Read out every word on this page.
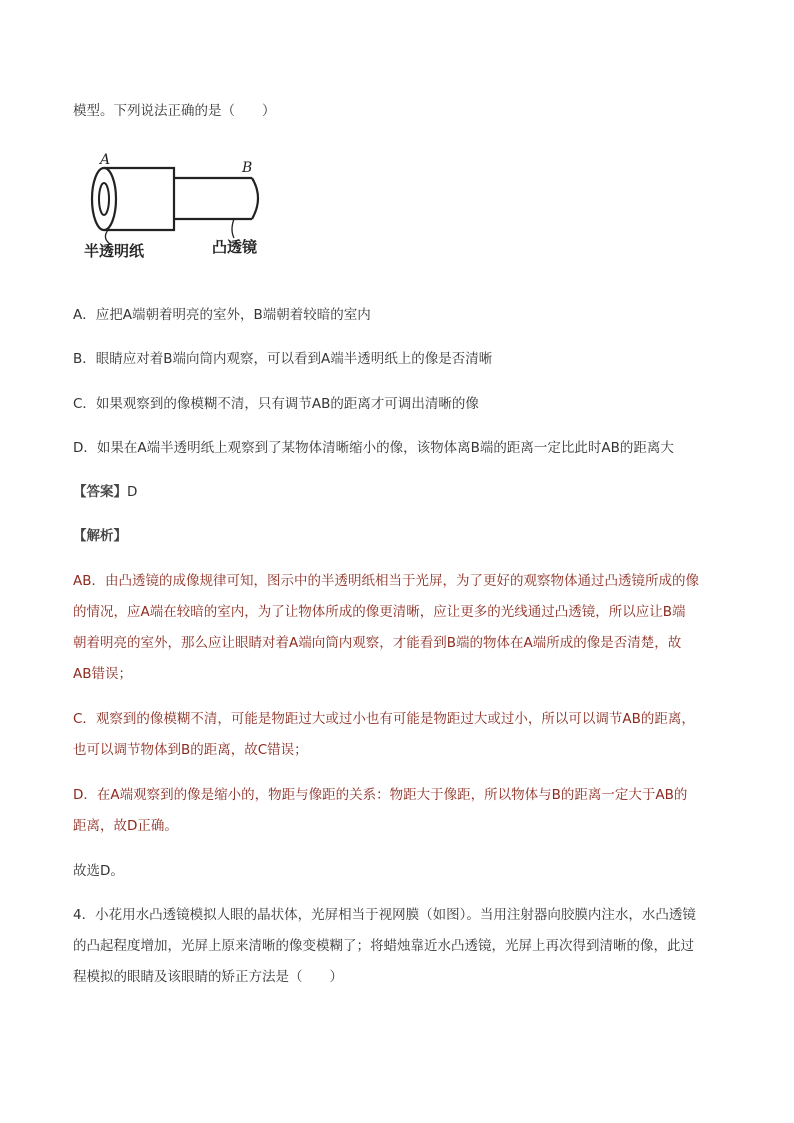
模型。下列说法正确的是（　　）

A	B
半透明纸	凸透镜

A．应把A端朝着明亮的室外，B端朝着较暗的室内

B．眼睛应对着B端向筒内观察，可以看到A端半透明纸上的像是否清晰

C．如果观察到的像模糊不清，只有调节AB的距离才可调出清晰的像

D．如果在A端半透明纸上观察到了某物体清晰缩小的像，该物体离B端的距离一定比此时AB的距离大

【答案】D

【解析】

AB．由凸透镜的成像规律可知，图示中的半透明纸相当于光屏，为了更好的观察物体通过凸透镜所成的像

的情况，应A端在较暗的室内，为了让物体所成的像更清晰，应让更多的光线通过凸透镜，所以应让B端

朝着明亮的室外，那么应让眼睛对着A端向筒内观察，才能看到B端的物体在A端所成的像是否清楚，故

AB错误；

C．观察到的像模糊不清，可能是物距过大或过小也有可能是物距过大或过小，所以可以调节AB的距离，

也可以调节物体到B的距离，故C错误；

D．在A端观察到的像是缩小的，物距与像距的关系：物距大于像距，所以物体与B的距离一定大于AB的

距离，故D正确。

故选D。

4．小花用水凸透镜模拟人眼的晶状体，光屏相当于视网膜（如图）。当用注射器向胶膜内注水，水凸透镜

的凸起程度增加，光屏上原来清晰的像变模糊了；将蜡烛靠近水凸透镜，光屏上再次得到清晰的像，此过

程模拟的眼睛及该眼睛的矫正方法是（　　）
